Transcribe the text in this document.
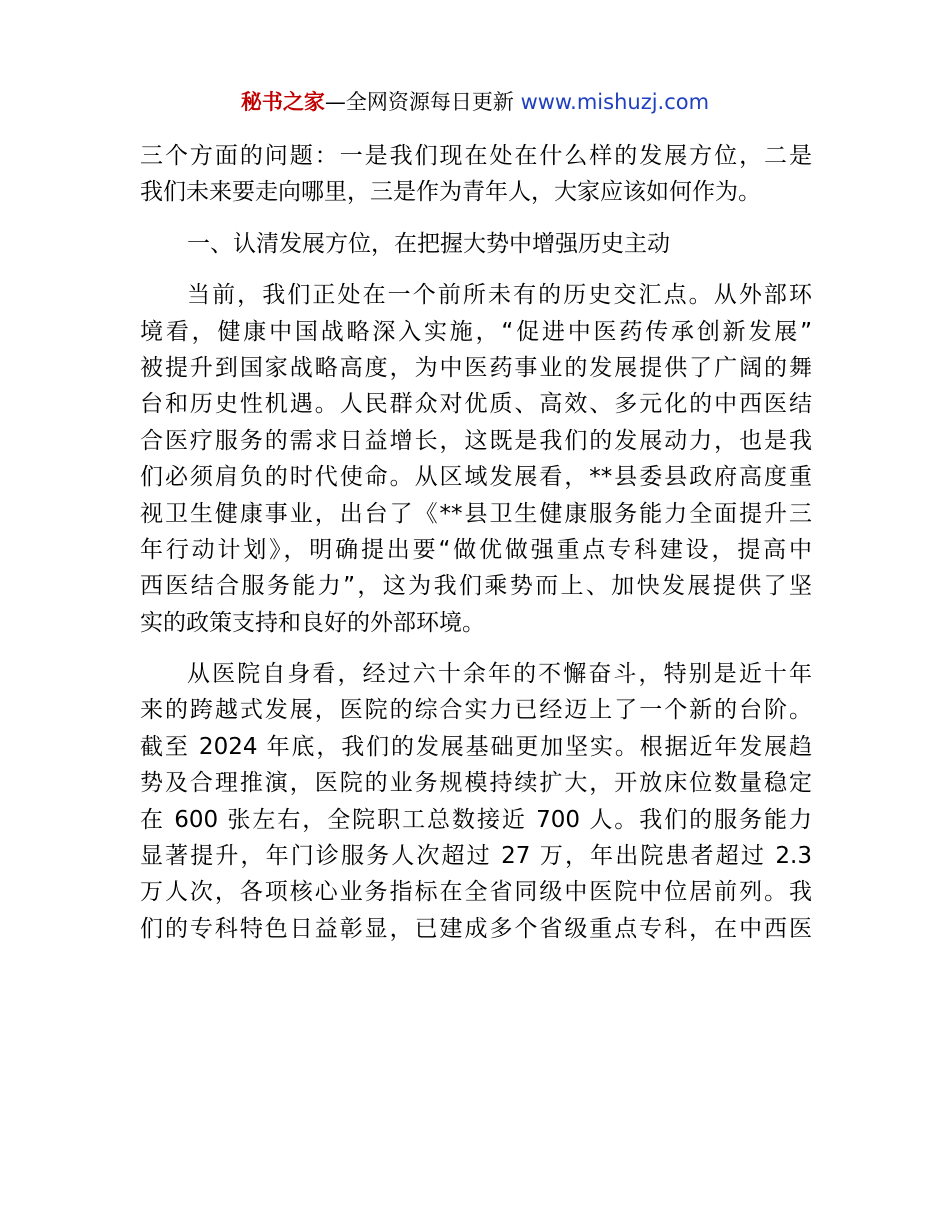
秘书之家—全网资源每日更新 www.mishuzj.com
三个方面的问题：一是我们现在处在什么样的发展方位，二是
我们未来要走向哪里，三是作为青年人，大家应该如何作为。
一、认清发展方位，在把握大势中增强历史主动
当前，我们正处在一个前所未有的历史交汇点。从外部环
境看，健康中国战略深入实施，“促进中医药传承创新发展”
被提升到国家战略高度，为中医药事业的发展提供了广阔的舞
台和历史性机遇。人民群众对优质、高效、多元化的中西医结
合医疗服务的需求日益增长，这既是我们的发展动力，也是我
们必须肩负的时代使命。从区域发展看，**县委县政府高度重
视卫生健康事业，出台了《**县卫生健康服务能力全面提升三
年行动计划》，明确提出要“做优做强重点专科建设，提高中
西医结合服务能力”，这为我们乘势而上、加快发展提供了坚
实的政策支持和良好的外部环境。
从医院自身看，经过六十余年的不懈奋斗，特别是近十年
来的跨越式发展，医院的综合实力已经迈上了一个新的台阶。
截至 2024 年底，我们的发展基础更加坚实。根据近年发展趋
势及合理推演，医院的业务规模持续扩大，开放床位数量稳定
在 600 张左右，全院职工总数接近 700 人。我们的服务能力
显著提升，年门诊服务人次超过 27 万，年出院患者超过 2.3
万人次，各项核心业务指标在全省同级中医院中位居前列。我
们的专科特色日益彰显，已建成多个省级重点专科，在中西医
